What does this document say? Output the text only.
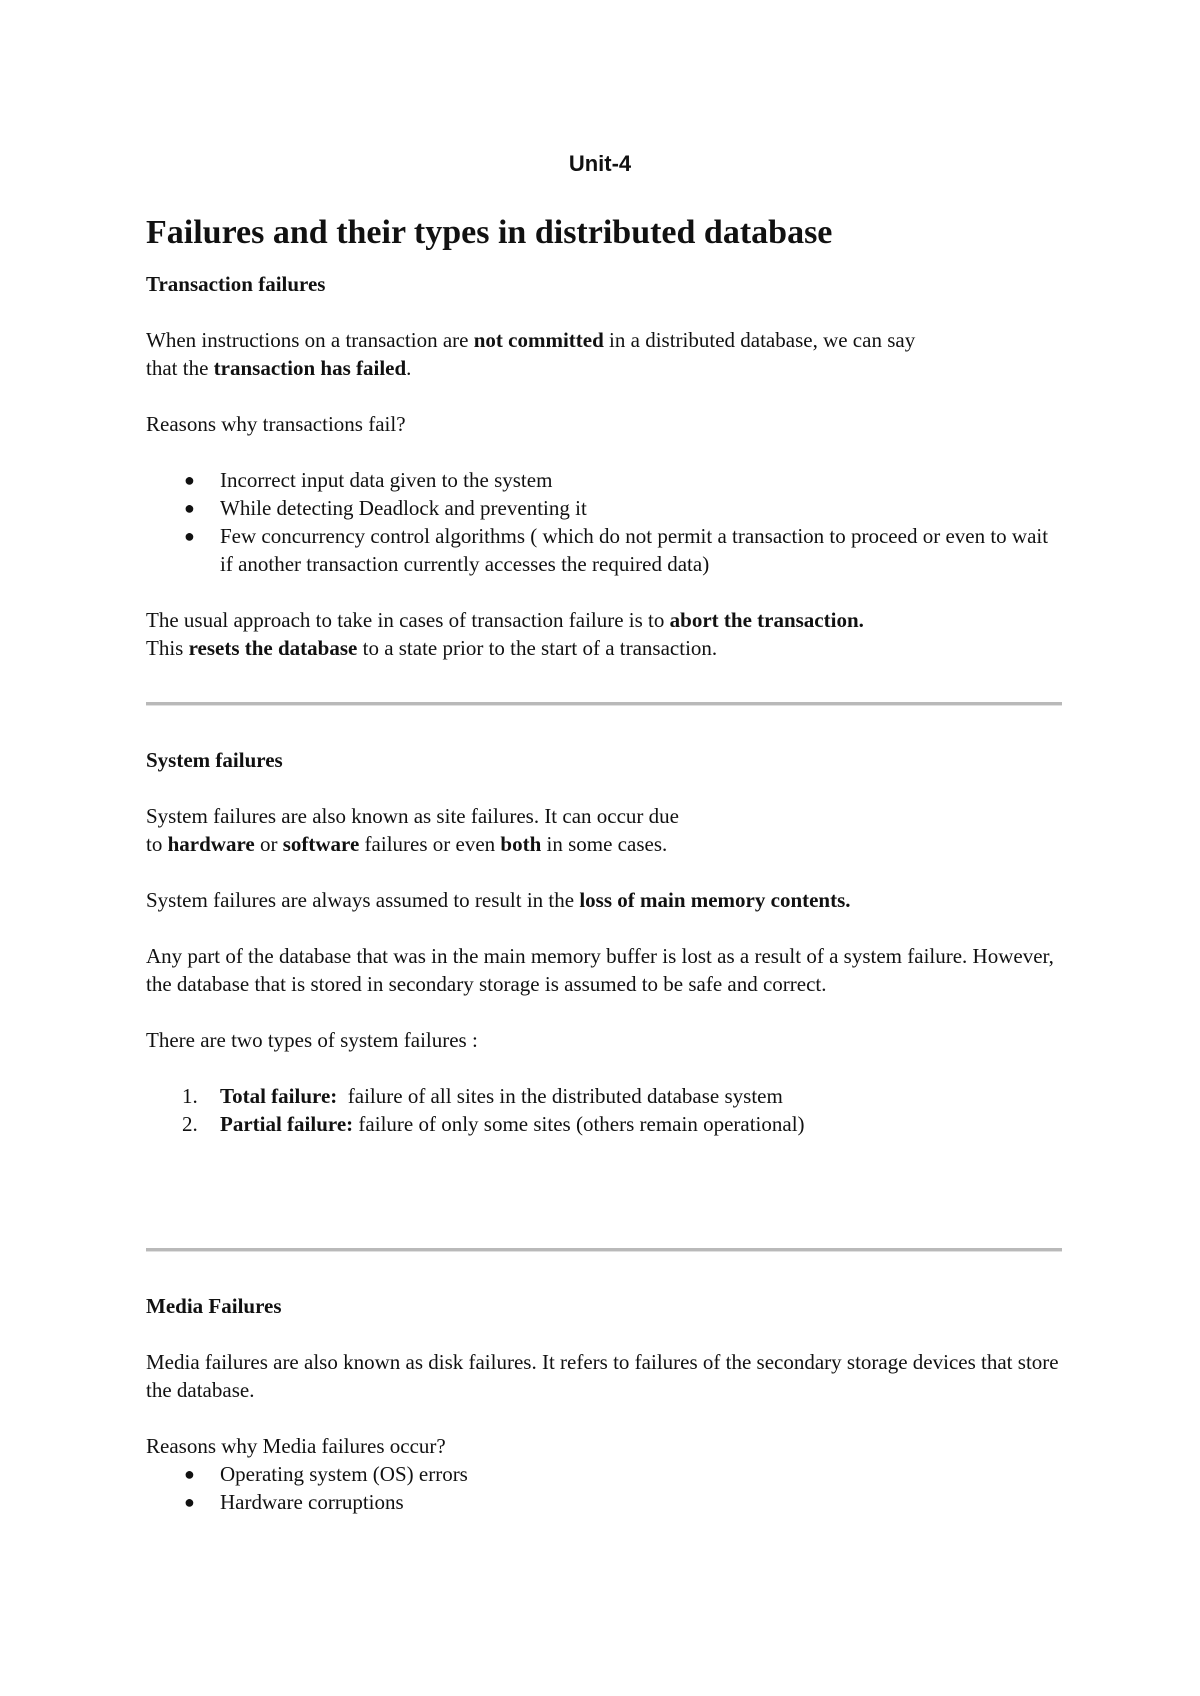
Unit-4
Failures and their types in distributed database
Transaction failures

When instructions on a transaction are not committed in a distributed database, we can say
that the transaction has failed.

Reasons why transactions fail?

● Incorrect input data given to the system
● While detecting Deadlock and preventing it
● Few concurrency control algorithms ( which do not permit a transaction to proceed or even to wait if another transaction currently accesses the required data)

The usual approach to take in cases of transaction failure is to abort the transaction.
This resets the database to a state prior to the start of a transaction.

System failures

System failures are also known as site failures. It can occur due
to hardware or software failures or even both in some cases.

System failures are always assumed to result in the loss of main memory contents.

Any part of the database that was in the main memory buffer is lost as a result of a system failure. However, the database that is stored in secondary storage is assumed to be safe and correct.

There are two types of system failures :

1. Total failure:  failure of all sites in the distributed database system
2. Partial failure: failure of only some sites (others remain operational)
Media Failures

Media failures are also known as disk failures. It refers to failures of the secondary storage devices that store the database.

Reasons why Media failures occur?

● Operating system (OS) errors
● Hardware corruptions
